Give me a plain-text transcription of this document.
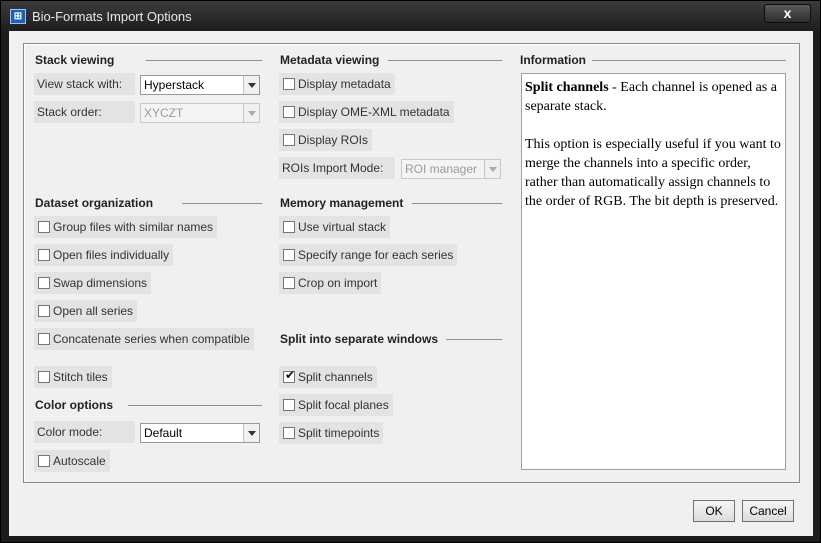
⊞ Bio-Formats Import Options	x
Stack viewing
View stack with:	Hyperstack
Stack order:	XYCZT
Dataset organization
Group files with similar names
Open files individually
Swap dimensions
Open all series
Concatenate series when compatible
Stitch tiles
Color options
Color mode:	Default
Autoscale
Metadata viewing
Display metadata
Display OME-XML metadata
Display ROIs
ROIs Import Mode:	ROI manager
Memory management
Use virtual stack
Specify range for each series
Crop on import
Split into separate windows
✔ Split channels
Split focal planes
Split timepoints
Information

Split channels - Each channel is opened as a separate stack.

This option is especially useful if you want to merge the channels into a specific order, rather than automatically assign channels to the order of RGB. The bit depth is preserved.

OK	Cancel
